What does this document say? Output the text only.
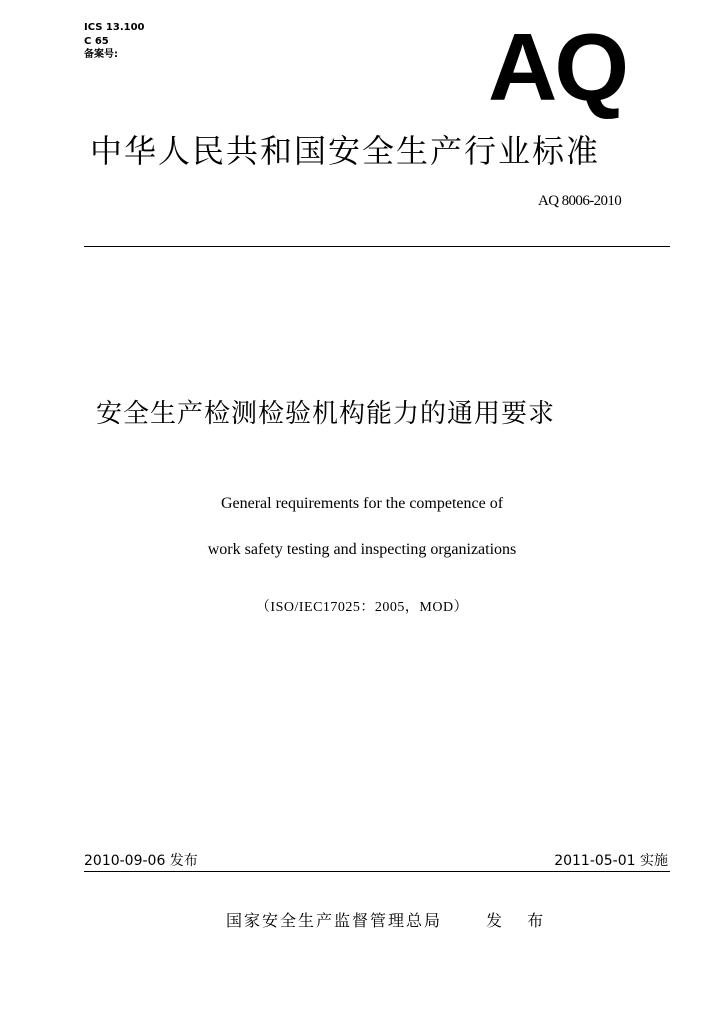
ICS 13.100
C 65
备案号:	AQ
中华人民共和国安全生产行业标准
AQ 8006-2010
安全生产检测检验机构能力的通用要求
General requirements for the competence of
work safety testing and inspecting organizations
（ISO/IEC17025：2005，MOD）
2010-09-06 发布	2011-05-01 实施
国家安全生产监督管理总局	发 布
